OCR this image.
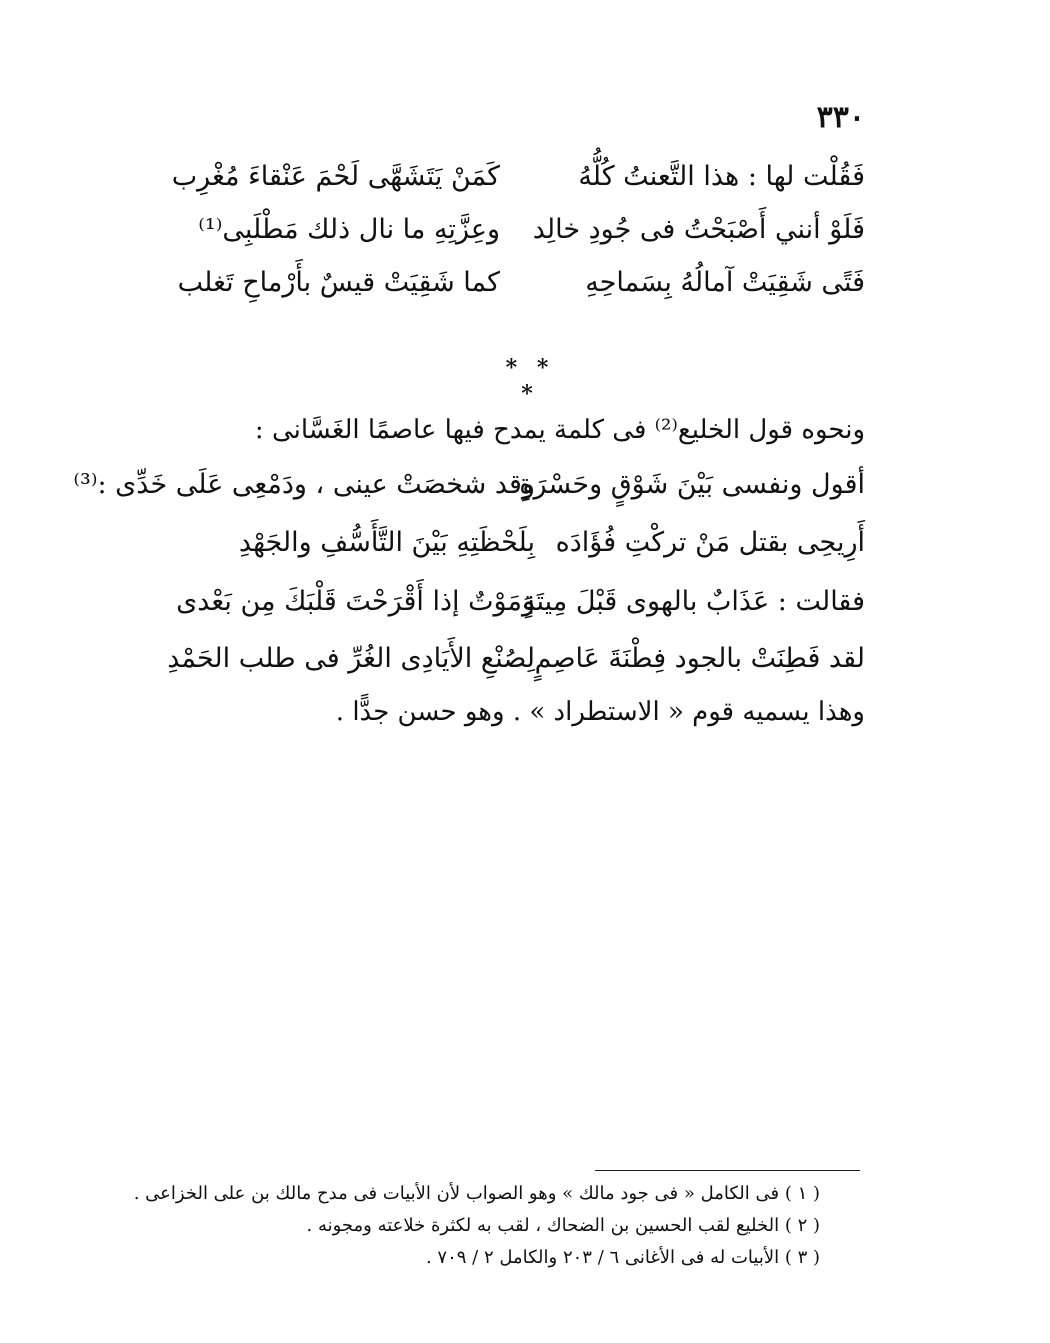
٣٣٠
فَقُلْت لها : هذا التَّعنتُ كُلُّهُ
كَمَنْ يَتَشَهَّى لَحْمَ عَنْقاءَ مُغْرِب
فَلَوْ أنني أَصْبَحْتُ فى جُودِ خالِد
وعِزَّتِهِ ما نال ذلك مَطْلَبِى⁽¹⁾
فَتًى شَقِيَتْ آمالُهُ بِسَماحِهِ
كما شَقِيَتْ قيسٌ بأَرْماحِ تَغلب
* * *
ونحوه قول الخليع⁽²⁾ فى كلمة يمدح فيها عاصمًا الغَسَّانى :
أقول ونفسى بَيْنَ شَوْقٍ وحَسْرَةٍ
وقد شخصَتْ عينى ، ودَمْعِى عَلَى خَدِّى :⁽³⁾
أَرِيحِى بقتل مَنْ تركْتِ فُؤَادَه
بِلَحْظَتِهِ بَيْنَ التَّأَسُّفِ والجَهْدِ
فقالت : عَذَابٌ بالهوى قَبْلَ مِيتَةٍ
وَمَوْتٌ إذا أَقْرَحْتَ قَلْبَكَ مِن بَعْدى
لقد فَطِنَتْ بالجود فِطْنَةَ عَاصِمٍ
لِصُنْعِ الأَيَادِى الغُرِّ فى طلب الحَمْدِ
وهذا يسميه قوم « الاستطراد » . وهو حسن جدًّا .
( ١ ) فى الكامل « فى جود مالك » وهو الصواب لأن الأبيات فى مدح مالك بن على الخزاعى .
( ٢ ) الخليع لقب الحسين بن الضحاك ، لقب به لكثرة خلاعته ومجونه .
( ٣ ) الأبيات له فى الأغانى ٦ / ٢٠٣ والكامل ٢ / ٧٠٩ .
